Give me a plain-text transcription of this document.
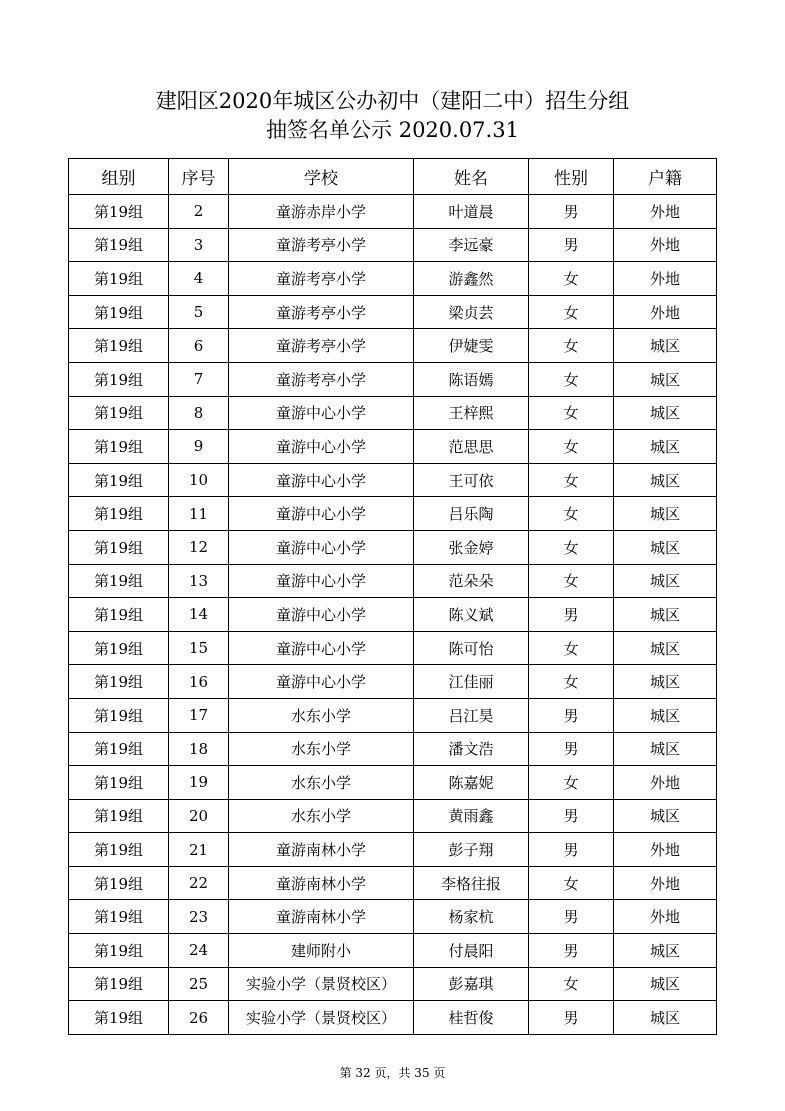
建阳区2020年城区公办初中（建阳二中）招生分组
抽签名单公示 2020.07.31
组别	序号	学校	姓名	性别	户籍
第19组	2	童游赤岸小学	叶道晨	男	外地
第19组	3	童游考亭小学	李远豪	男	外地
第19组	4	童游考亭小学	游鑫然	女	外地
第19组	5	童游考亭小学	梁贞芸	女	外地
第19组	6	童游考亭小学	伊婕雯	女	城区
第19组	7	童游考亭小学	陈语嫣	女	城区
第19组	8	童游中心小学	王梓熙	女	城区
第19组	9	童游中心小学	范思思	女	城区
第19组	10	童游中心小学	王可依	女	城区
第19组	11	童游中心小学	吕乐陶	女	城区
第19组	12	童游中心小学	张金婷	女	城区
第19组	13	童游中心小学	范朵朵	女	城区
第19组	14	童游中心小学	陈义斌	男	城区
第19组	15	童游中心小学	陈可怡	女	城区
第19组	16	童游中心小学	江佳丽	女	城区
第19组	17	水东小学	吕江昊	男	城区
第19组	18	水东小学	潘文浩	男	城区
第19组	19	水东小学	陈嘉妮	女	外地
第19组	20	水东小学	黄雨鑫	男	城区
第19组	21	童游南林小学	彭子翔	男	外地
第19组	22	童游南林小学	李格往报	女	外地
第19组	23	童游南林小学	杨家杭	男	外地
第19组	24	建师附小	付晨阳	男	城区
第19组	25	实验小学（景贤校区）	彭嘉琪	女	城区
第19组	26	实验小学（景贤校区）	桂哲俊	男	城区
第 32 页，共 35 页
